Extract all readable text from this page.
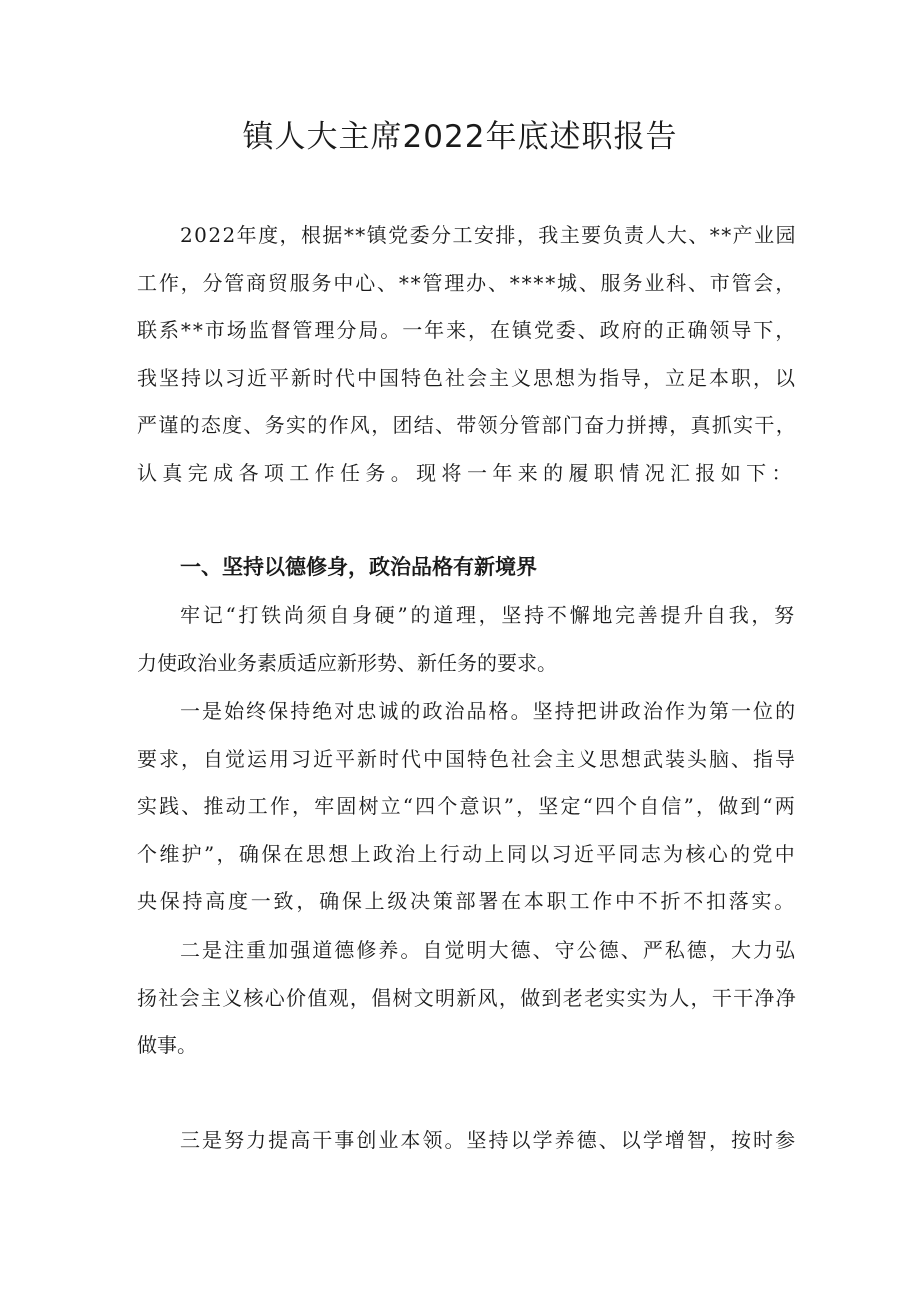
镇人大主席2022年底述职报告
2022年度，根据**镇党委分工安排，我主要负责人大、**产业园
工作，分管商贸服务中心、**管理办、****城、服务业科、市管会，
联系**市场监督管理分局。一年来，在镇党委、政府的正确领导下，
我坚持以习近平新时代中国特色社会主义思想为指导，立足本职，以
严谨的态度、务实的作风，团结、带领分管部门奋力拼搏，真抓实干，
认真完成各项工作任务。现将一年来的履职情况汇报如下：
一、坚持以德修身，政治品格有新境界
牢记“打铁尚须自身硬”的道理，坚持不懈地完善提升自我，努
力使政治业务素质适应新形势、新任务的要求。
一是始终保持绝对忠诚的政治品格。坚持把讲政治作为第一位的
要求，自觉运用习近平新时代中国特色社会主义思想武装头脑、指导
实践、推动工作，牢固树立“四个意识”，坚定“四个自信”，做到“两
个维护”，确保在思想上政治上行动上同以习近平同志为核心的党中
央保持高度一致，确保上级决策部署在本职工作中不折不扣落实。
二是注重加强道德修养。自觉明大德、守公德、严私德，大力弘
扬社会主义核心价值观，倡树文明新风，做到老老实实为人，干干净净
做事。
三是努力提高干事创业本领。坚持以学养德、以学增智，按时参
